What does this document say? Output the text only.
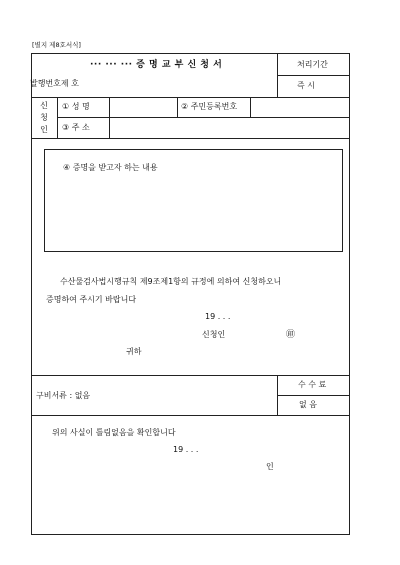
[별지 제8호서식]
··· ··· ··· 증 명 교 부 신 청 서
발행번호제 호
처리기간
즉 시
신 청 인
① 성 명	② 주민등록번호
③ 주 소
④ 증명을 받고자 하는 내용
수산물검사법시행규칙 제9조제1항의 규정에 의하여 신청하오니
증명하여 주시기 바랍니다
19 . . .
신청인	㊞
귀하
구비서류 : 없음
수 수 료
없 음
위의 사실이 틀림없음을 확인합니다
19 . . .
인
